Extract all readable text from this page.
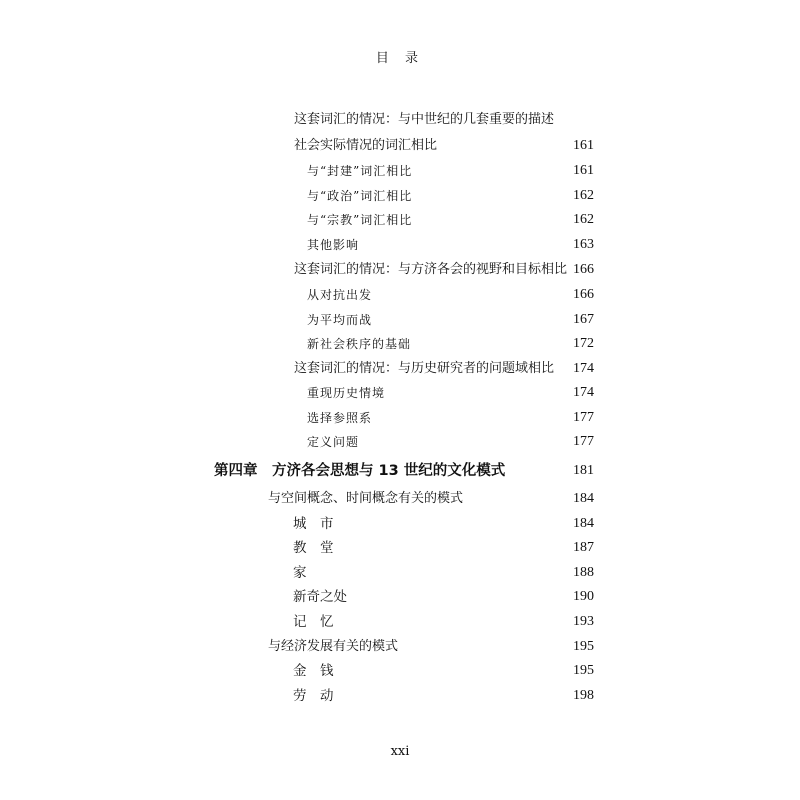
目 录
这套词汇的情况：与中世纪的几套重要的描述
社会实际情况的词汇相比	161
与“封建”词汇相比	161
与“政治”词汇相比	162
与“宗教”词汇相比	162
其他影响	163
这套词汇的情况：与方济各会的视野和目标相比 166
从对抗出发	166
为平均而战	167
新社会秩序的基础	172
这套词汇的情况：与历史研究者的问题域相比 174
重现历史情境	174
选择参照系	177
定义问题	177
第四章　方济各会思想与 13 世纪的文化模式	181
与空间概念、时间概念有关的模式	184
城　市	184
教　堂	187
家	188
新奇之处	190
记　忆	193
与经济发展有关的模式	195
金　钱	195
劳　动	198
xxi
